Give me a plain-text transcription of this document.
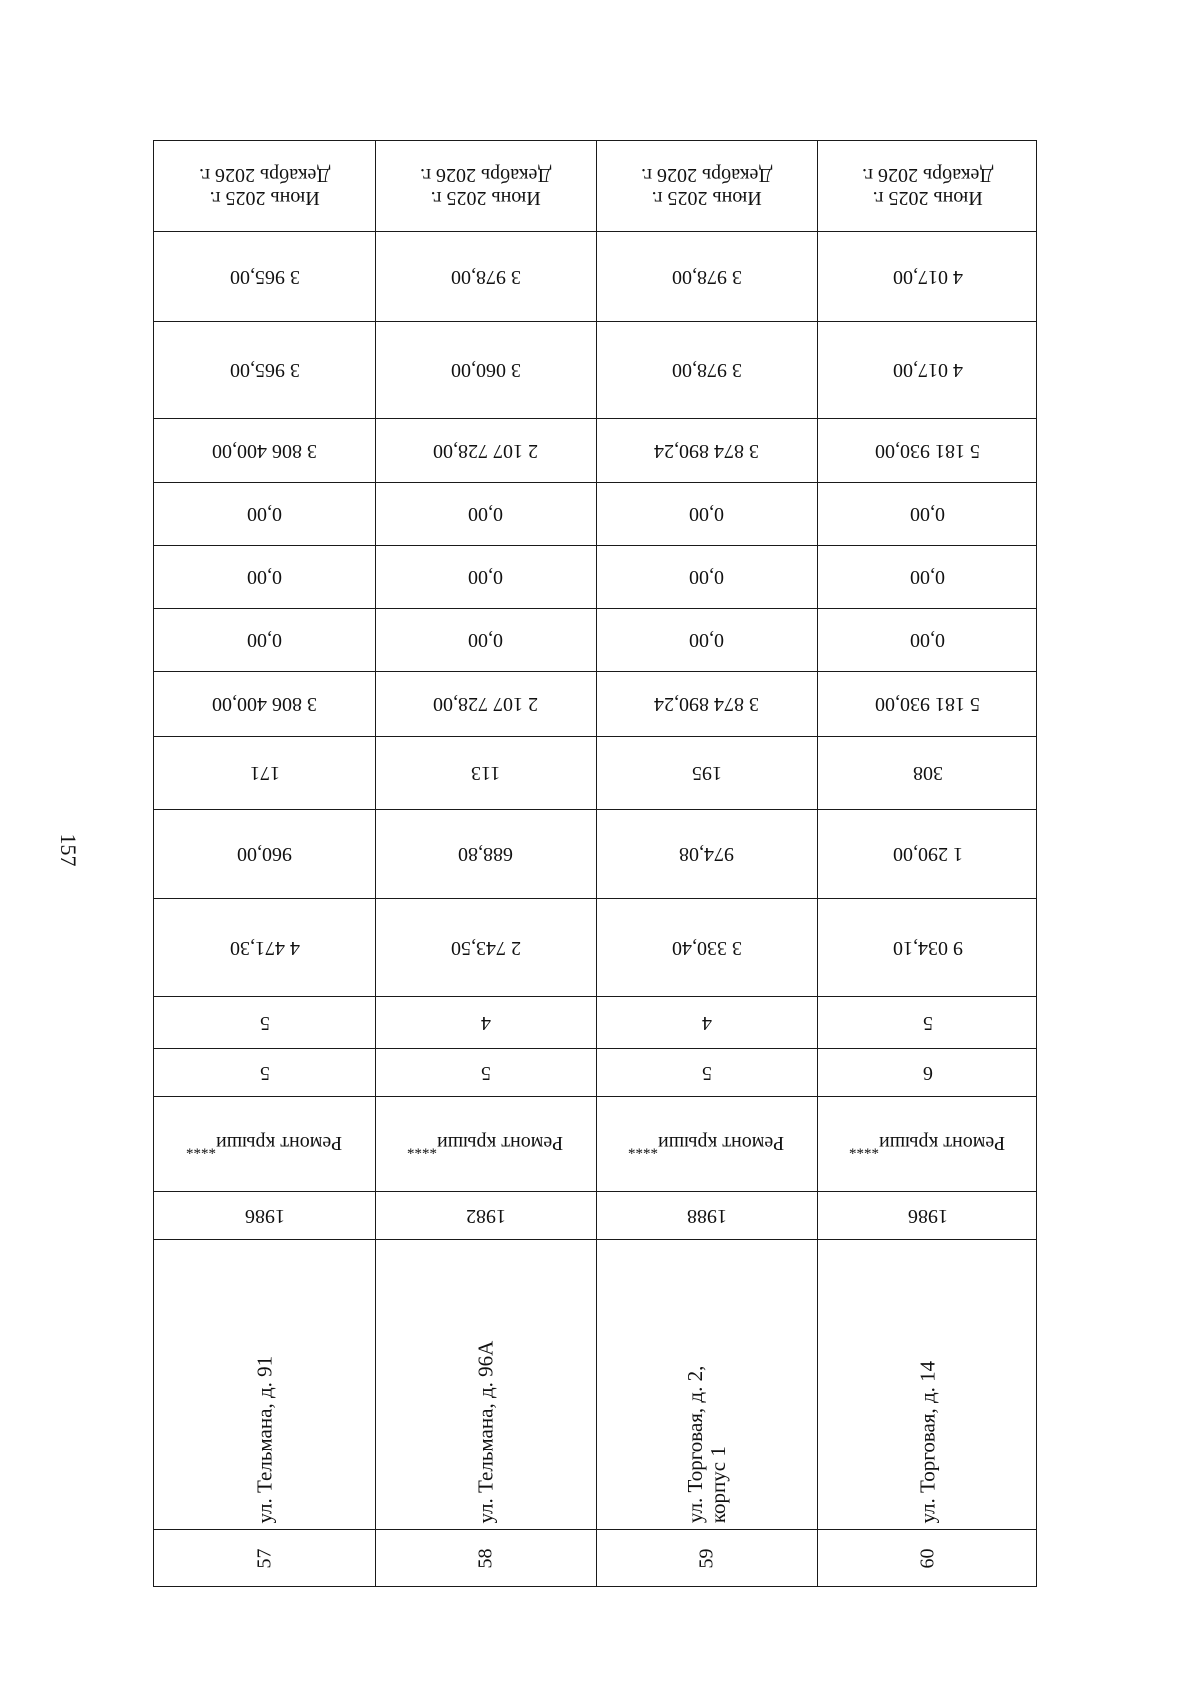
157
57
ул. Тельмана, д. 91
1986
Ремонт крыши****
5
5
4 471,30
960,00
171
3 806 400,00
0,00
0,00
0,00
3 806 400,00
3 965,00
3 965,00
Июнь 2025 г.
Декабрь 2026 г.
58
ул. Тельмана, д. 96А
1982
Ремонт крыши****
5
4
2 743,50
688,80
113
2 107 728,00
0,00
0,00
0,00
2 107 728,00
3 060,00
3 978,00
Июнь 2025 г.
Декабрь 2026 г.
59
ул. Торговая, д. 2, корпус 1
1988
Ремонт крыши****
5
4
3 330,40
974,08
195
3 874 890,24
0,00
0,00
0,00
3 874 890,24
3 978,00
3 978,00
Июнь 2025 г.
Декабрь 2026 г.
60
ул. Торговая, д. 14
1986
Ремонт крыши****
6
5
9 034,10
1 290,00
308
5 181 930,00
0,00
0,00
0,00
5 181 930,00
4 017,00
4 017,00
Июнь 2025 г.
Декабрь 2026 г.
